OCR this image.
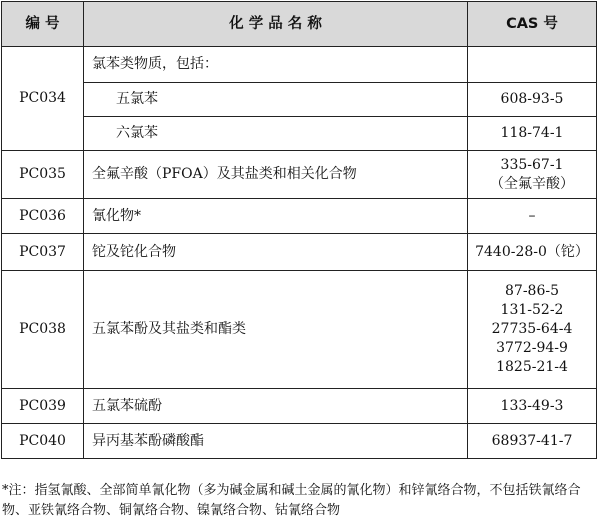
编 号	化 学 品 名 称	CAS 号
PC034	氯苯类物质，包括：	
	五氯苯	608-93-5
	六氯苯	118-74-1
PC035	全氟辛酸（PFOA）及其盐类和相关化合物	335-67-1
（全氟辛酸）

PC036	氰化物*	–
PC037	铊及铊化合物	7440-28-0（铊）
PC038	五氯苯酚及其盐类和酯类	87-86-5
131-52-2
27735-64-4
3772-94-9
1825-21-4

PC039	五氯苯硫酚	133-49-3
PC040	异丙基苯酚磷酸酯	68937-41-7
*注：指氢氰酸、全部简单氰化物（多为碱金属和碱土金属的氰化物）和锌氰络合物，不包括铁氰络合物、亚铁氰络合物、铜氰络合物、镍氰络合物、钴氰络合物
